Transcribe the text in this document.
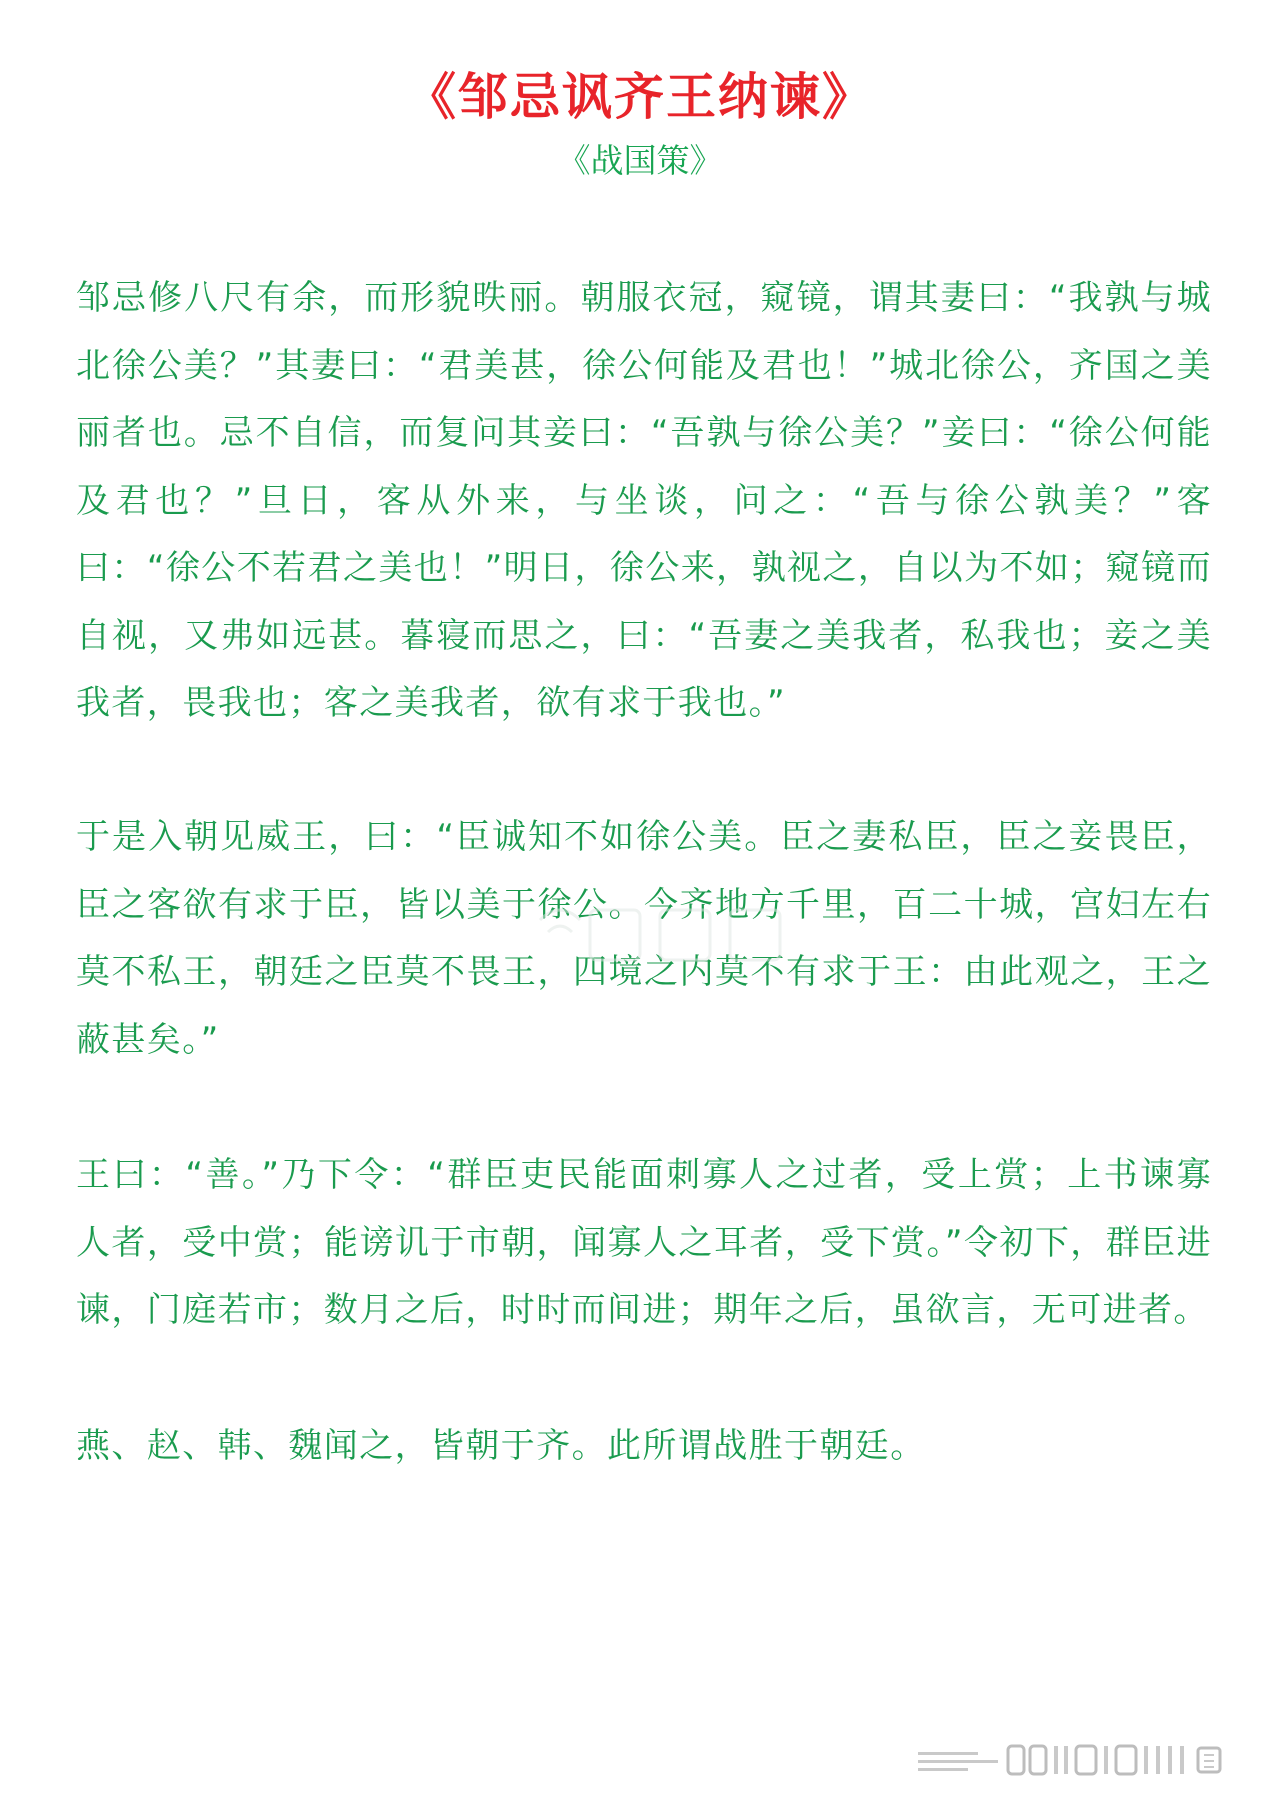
《邹忌讽齐王纳谏》
《战国策》

邹忌修八尺有余，而形貌昳丽。朝服衣冠，窥镜，谓其妻曰：“我孰与城北徐公美？”其妻曰：“君美甚，徐公何能及君也！”城北徐公，齐国之美丽者也。忌不自信，而复问其妾曰：“吾孰与徐公美？”妾曰：“徐公何能及君也？”旦日，客从外来，与坐谈，问之：“吾与徐公孰美？”客曰：“徐公不若君之美也！”明日，徐公来，孰视之，自以为不如；窥镜而自视，又弗如远甚。暮寝而思之，曰：“吾妻之美我者，私我也；妾之美我者，畏我也；客之美我者，欲有求于我也。”

于是入朝见威王，曰：“臣诚知不如徐公美。臣之妻私臣，臣之妾畏臣，臣之客欲有求于臣，皆以美于徐公。今齐地方千里，百二十城，宫妇左右莫不私王，朝廷之臣莫不畏王，四境之内莫不有求于王：由此观之，王之蔽甚矣。”

王曰：“善。”乃下令：“群臣吏民能面刺寡人之过者，受上赏；上书谏寡人者，受中赏；能谤讥于市朝，闻寡人之耳者，受下赏。”令初下，群臣进谏，门庭若市；数月之后，时时而间进；期年之后，虽欲言，无可进者。

燕、赵、韩、魏闻之，皆朝于齐。此所谓战胜于朝廷。
